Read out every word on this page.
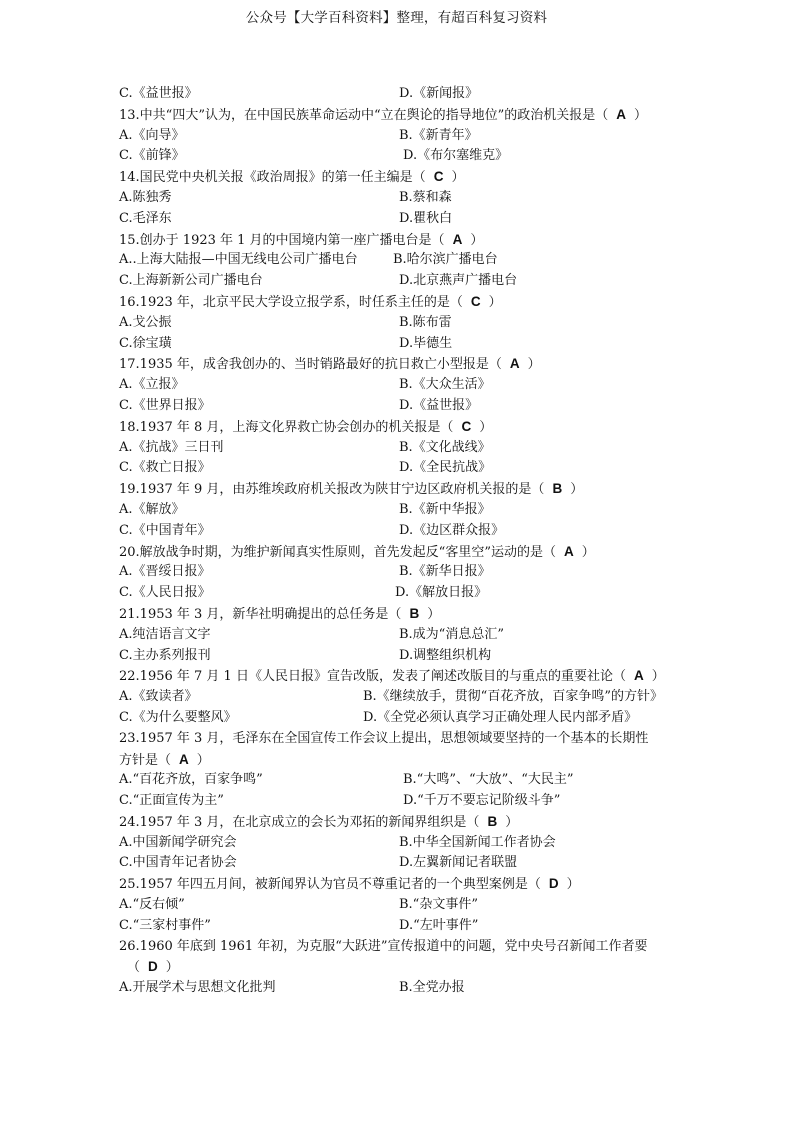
公众号【大学百科资料】整理，有超百科复习资料
C.《益世报》	D.《新闻报》
13.中共“四大”认为，在中国民族革命运动中“立在舆论的指导地位”的政治机关报是（ A ）
A.《向导》	B.《新青年》
C.《前锋》	D.《布尔塞维克》
14.国民党中央机关报《政治周报》的第一任主编是（ C ）
A.陈独秀	B.蔡和森
C.毛泽东	D.瞿秋白
15.创办于 1923 年 1 月的中国境内第一座广播电台是（ A ）
A..上海大陆报—中国无线电公司广播电台	B.哈尔滨广播电台
C.上海新新公司广播电台	D.北京燕声广播电台
16.1923 年，北京平民大学设立报学系，时任系主任的是（ C ）
A.戈公振	B.陈布雷
C.徐宝璜	D.毕德生
17.1935 年，成舍我创办的、当时销路最好的抗日救亡小型报是（ A ）
A.《立报》	B.《大众生活》
C.《世界日报》	D.《益世报》
18.1937 年 8 月，上海文化界救亡协会创办的机关报是（ C ）
A.《抗战》三日刊	B.《文化战线》
C.《救亡日报》	D.《全民抗战》
19.1937 年 9 月，由苏维埃政府机关报改为陕甘宁边区政府机关报的是（ B ）
A.《解放》	B.《新中华报》
C.《中国青年》	D.《边区群众报》
20.解放战争时期，为维护新闻真实性原则，首先发起反“客里空”运动的是（ A ）
A.《晋绥日报》	B.《新华日报》
C.《人民日报》	D.《解放日报》
21.1953 年 3 月，新华社明确提出的总任务是（ B ）
A.纯洁语言文字	B.成为“消息总汇”
C.主办系列报刊	D.调整组织机构
22.1956 年 7 月 1 日《人民日报》宣告改版，发表了阐述改版目的与重点的重要社论（ A ）
A.《致读者》	B.《继续放手，贯彻“百花齐放，百家争鸣”的方针》
C.《为什么要整风》	D.《全党必须认真学习正确处理人民内部矛盾》
23.1957 年 3 月，毛泽东在全国宣传工作会议上提出，思想领域要坚持的一个基本的长期性
方针是（ A ）
A.“百花齐放，百家争鸣”	B.“大鸣”、“大放”、“大民主”
C.“正面宣传为主”	D.“千万不要忘记阶级斗争”
24.1957 年 3 月，在北京成立的会长为邓拓的新闻界组织是（ B ）
A.中国新闻学研究会	B.中华全国新闻工作者协会
C.中国青年记者协会	D.左翼新闻记者联盟
25.1957 年四五月间，被新闻界认为官员不尊重记者的一个典型案例是（ D ）
A.“反右倾”	B.“杂文事件”
C.“三家村事件”	D.“左叶事件”
26.1960 年底到 1961 年初，为克服“大跃进”宣传报道中的问题，党中央号召新闻工作者要
（ D ）
A.开展学术与思想文化批判	B.全党办报
